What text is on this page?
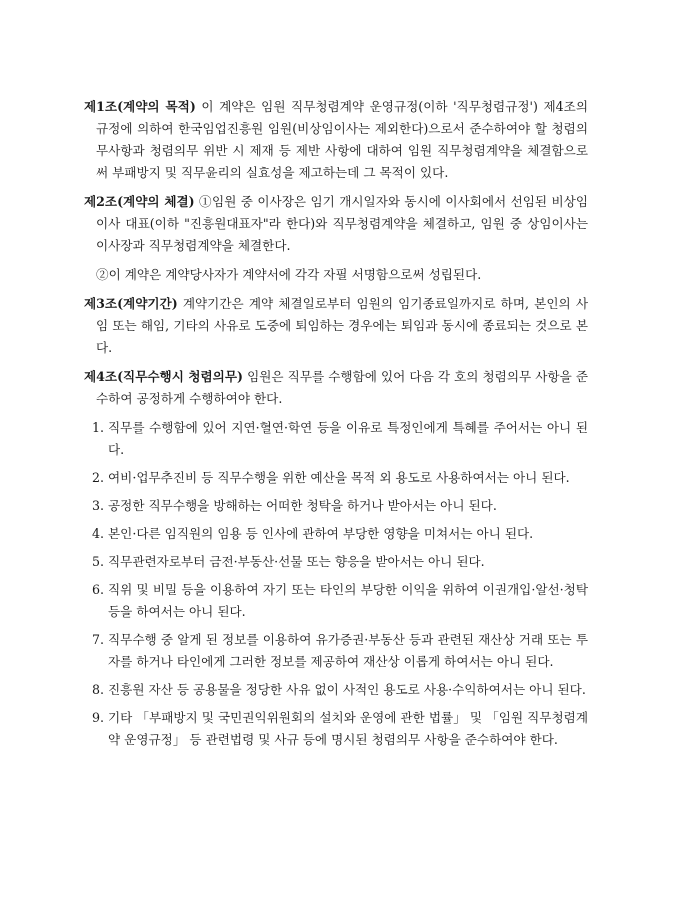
제1조(계약의 목적) 이 계약은 임원 직무청렴계약 운영규정(이하 '직무청렴규정') 제4조의 규정에 의하여 한국임업진흥원 임원(비상임이사는 제외한다)으로서 준수하여야 할 청렴의무사항과 청렴의무 위반 시 제재 등 제반 사항에 대하여 임원 직무청렴계약을 체결함으로써 부패방지 및 직무윤리의 실효성을 제고하는데 그 목적이 있다.

제2조(계약의 체결) ①임원 중 이사장은 임기 개시일자와 동시에 이사회에서 선임된 비상임이사 대표(이하 "진흥원대표자"라 한다)와 직무청렴계약을 체결하고, 임원 중 상임이사는 이사장과 직무청렴계약을 체결한다.

②이 계약은 계약당사자가 계약서에 각각 자필 서명함으로써 성립된다.

제3조(계약기간) 계약기간은 계약 체결일로부터 임원의 임기종료일까지로 하며, 본인의 사임 또는 해임, 기타의 사유로 도중에 퇴임하는 경우에는 퇴임과 동시에 종료되는 것으로 본다.

제4조(직무수행시 청렴의무) 임원은 직무를 수행함에 있어 다음 각 호의 청렴의무 사항을 준수하여 공정하게 수행하여야 한다.

1. 직무를 수행함에 있어 지연·혈연·학연 등을 이유로 특정인에게 특혜를 주어서는 아니 된다.
2. 여비·업무추진비 등 직무수행을 위한 예산을 목적 외 용도로 사용하여서는 아니 된다.
3. 공정한 직무수행을 방해하는 어떠한 청탁을 하거나 받아서는 아니 된다.
4. 본인·다른 임직원의 임용 등 인사에 관하여 부당한 영향을 미쳐서는 아니 된다.
5. 직무관련자로부터 금전·부동산·선물 또는 향응을 받아서는 아니 된다.
6. 직위 및 비밀 등을 이용하여 자기 또는 타인의 부당한 이익을 위하여 이권개입·알선·청탁 등을 하여서는 아니 된다.
7. 직무수행 중 알게 된 정보를 이용하여 유가증권·부동산 등과 관련된 재산상 거래 또는 투자를 하거나 타인에게 그러한 정보를 제공하여 재산상 이롭게 하여서는 아니 된다.
8. 진흥원 자산 등 공용물을 정당한 사유 없이 사적인 용도로 사용·수익하여서는 아니 된다.
9. 기타 「부패방지 및 국민권익위원회의 설치와 운영에 관한 법률」 및 「임원 직무청렴계약 운영규정」 등 관련법령 및 사규 등에 명시된 청렴의무 사항을 준수하여야 한다.
